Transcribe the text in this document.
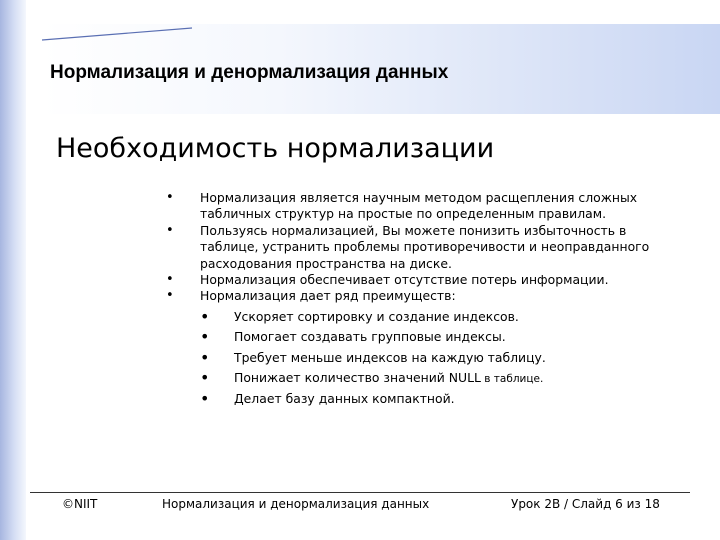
Нормализация и денормализация данных
Необходимость нормализации
• Нормализация является научным методом расщепления сложных табличных структур на простые по определенным правилам.
• Пользуясь нормализацией, Вы можете понизить избыточность в таблице, устранить проблемы противоречивости и неоправданного расходования пространства на диске.
• Нормализация обеспечивает отсутствие потерь информации.
• Нормализация дает ряд преимуществ:
• Ускоряет сортировку и создание индексов.
• Помогает создавать групповые индексы.
• Требует меньше индексов на каждую таблицу.
• Понижает количество значений NULL в таблице.
• Делает базу данных компактной.
©NIIT	Нормализация и денормализация данных	Урок 2В / Слайд 6 из 18
